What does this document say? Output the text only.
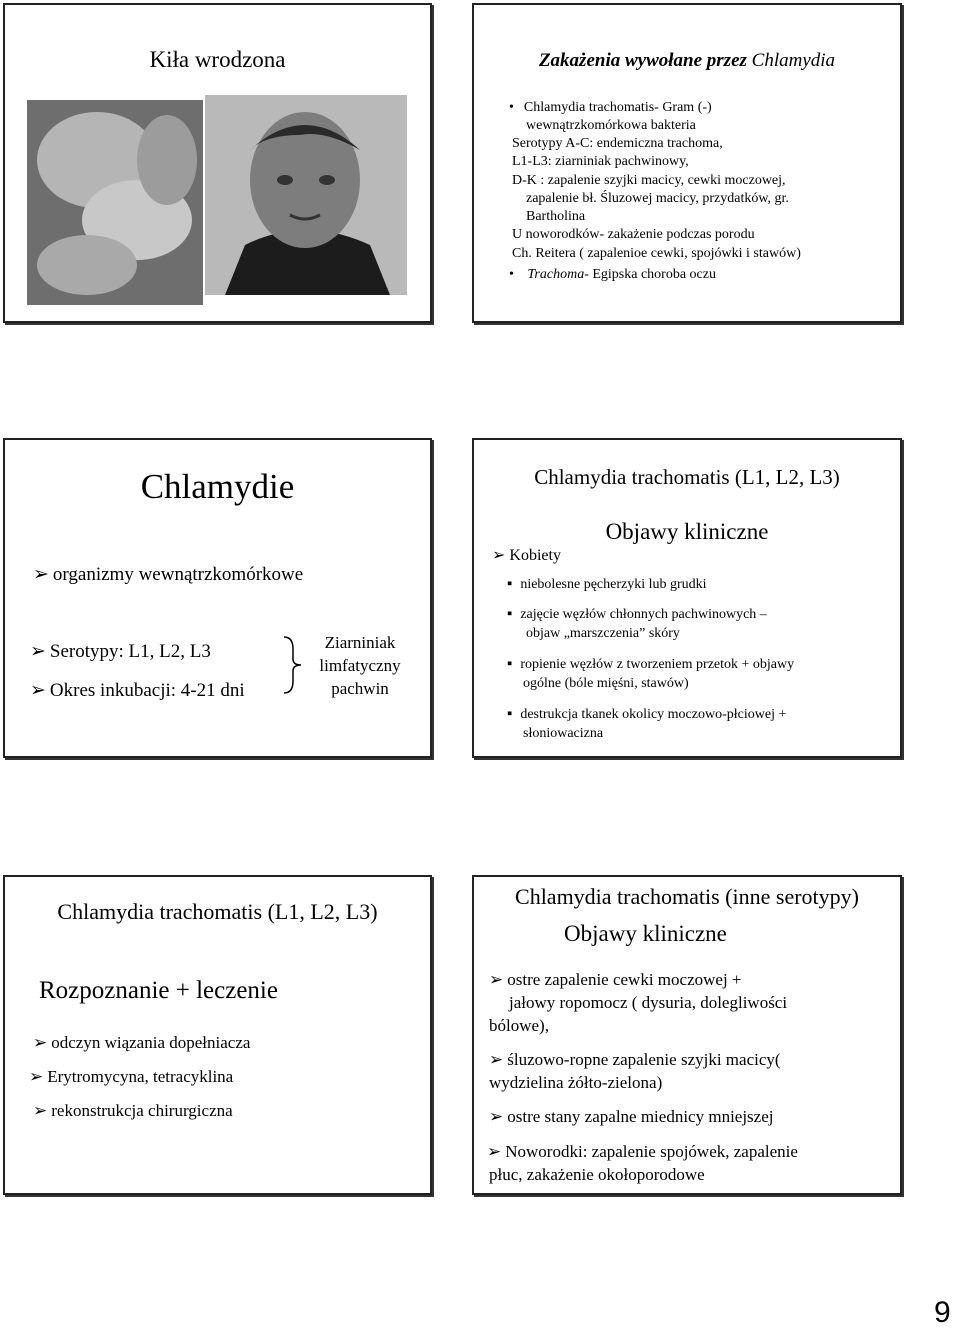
Kiła wrodzona	Zakażenia wywołane przez Chlamydia
• Chlamydia trachomatis- Gram (-)
wewnątrzkomórkowa bakteria
Serotypy A-C: endemiczna trachoma,
L1-L3: ziarniniak pachwinowy,
D-K : zapalenie szyjki macicy, cewki moczowej,
zapalenie bł. Śluzowej macicy, przydatków, gr.
Bartholina
U noworodków- zakażenie podczas porodu
Ch. Reitera ( zapalenioe cewki, spojówki i stawów)
• Trachoma- Egipska choroba oczu
Chlamydie
➢ organizmy wewnątrzkomórkowe
➢ Serotypy: L1, L2, L3
➢ Okres inkubacji: 4-21 dni
Ziarniniak
limfatyczny
pachwin
Chlamydia trachomatis (L1, L2, L3)
Objawy kliniczne
➢ Kobiety
▪ niebolesne pęcherzyki lub grudki
▪ zajęcie węzłów chłonnych pachwinowych –
objaw „marszczenia” skóry
▪ ropienie węzłów z tworzeniem przetok + objawy
ogólne (bóle mięśni, stawów)
▪ destrukcja tkanek okolicy moczowo-płciowej +
słoniowacizna
Chlamydia trachomatis (L1, L2, L3)
Rozpoznanie + leczenie
➢ odczyn wiązania dopełniacza
➢ Erytromycyna, tetracyklina
➢ rekonstrukcja chirurgiczna
Chlamydia trachomatis (inne serotypy)
Objawy kliniczne
➢ ostre zapalenie cewki moczowej +
jałowy ropomocz ( dysuria, dolegliwości
bólowe),
➢ śluzowo-ropne zapalenie szyjki macicy(
wydzielina żółto-zielona)
➢ ostre stany zapalne miednicy mniejszej
➢ Noworodki: zapalenie spojówek, zapalenie
płuc, zakażenie okołoporodowe
9
